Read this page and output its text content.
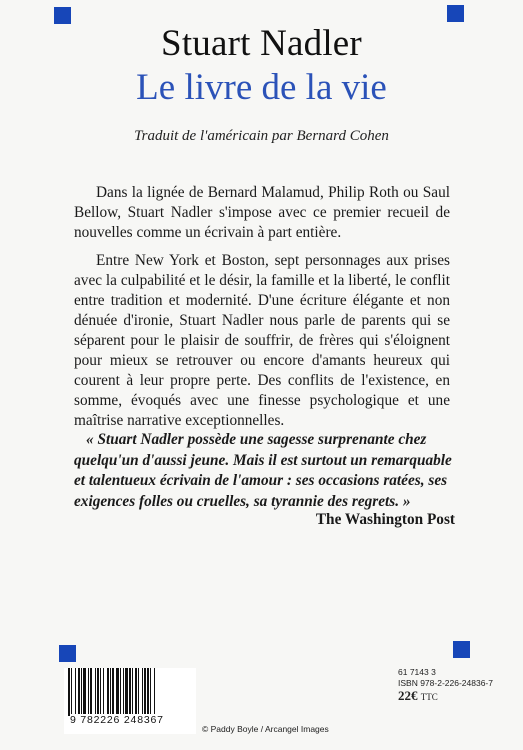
Stuart Nadler
Le livre de la vie
Traduit de l'américain par Bernard Cohen

Dans la lignée de Bernard Malamud, Philip Roth ou Saul Bellow, Stuart Nadler s'impose avec ce premier recueil de nouvelles comme un écrivain à part entière.

Entre New York et Boston, sept personnages aux prises avec la culpabilité et le désir, la famille et la liberté, le conflit entre tradition et modernité. D'une écriture élégante et non dénuée d'ironie, Stuart Nadler nous parle de parents qui se séparent pour le plaisir de souffrir, de frères qui s'éloignent pour mieux se retrouver ou encore d'amants heureux qui courent à leur propre perte. Des conflits de l'existence, en somme, évoqués avec une finesse psychologique et une maîtrise narrative exceptionnelles.

« Stuart Nadler possède une sagesse surprenante chez quelqu'un d'aussi jeune. Mais il est surtout un remarquable et talentueux écrivain de l'amour : ses occasions ratées, ses exigences folles ou cruelles, sa tyrannie des regrets. »

The Washington Post
9 782226 248367
© Paddy Boyle / Arcangel Images
61 7143 3
ISBN 978-2-226-24836-7
22€ TTC
